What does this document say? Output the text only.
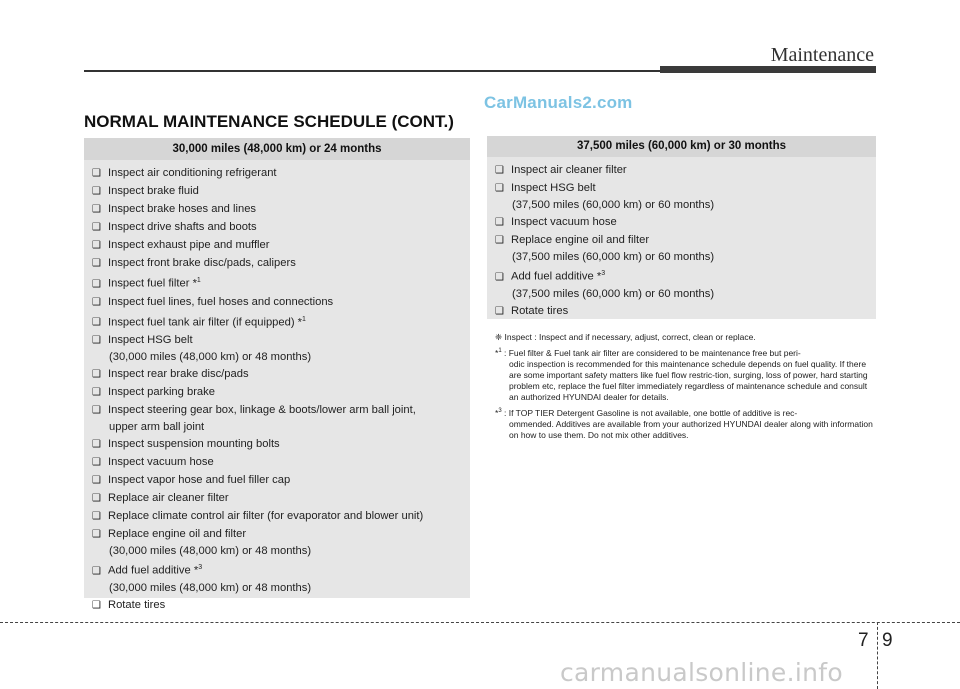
Maintenance
CarManuals2.com
NORMAL MAINTENANCE SCHEDULE (CONT.)
30,000 miles (48,000 km) or 24 months
❑ Inspect air conditioning refrigerant
❑ Inspect brake fluid
❑ Inspect brake hoses and lines
❑ Inspect drive shafts and boots
❑ Inspect exhaust pipe and muffler
❑ Inspect front brake disc/pads, calipers
❑ Inspect fuel filter *$^1$
❑ Inspect fuel lines, fuel hoses and connections
❑ Inspect fuel tank air filter (if equipped) *$^1$
❑ Inspect HSG belt
(30,000 miles (48,000 km) or 48 months)
❑ Inspect rear brake disc/pads
❑ Inspect parking brake
❑ Inspect steering gear box, linkage & boots/lower arm ball joint,
upper arm ball joint
❑ Inspect suspension mounting bolts
❑ Inspect vacuum hose
❑ Inspect vapor hose and fuel filler cap
❑ Replace air cleaner filter
❑ Replace climate control air filter (for evaporator and blower unit)
❑ Replace engine oil and filter
(30,000 miles (48,000 km) or 48 months)
❑ Add fuel additive *$^3$
(30,000 miles (48,000 km) or 48 months)
❑ Rotate tires
37,500 miles (60,000 km) or 30 months
❑ Inspect air cleaner filter
❑ Inspect HSG belt
(37,500 miles (60,000 km) or 60 months)
❑ Inspect vacuum hose
❑ Replace engine oil and filter
(37,500 miles (60,000 km) or 60 months)
❑ Add fuel additive *$^3$
(37,500 miles (60,000 km) or 60 months)
❑ Rotate tires
❈ Inspect : Inspect and if necessary, adjust, correct, clean or replace.
*$^1$ : Fuel filter & Fuel tank air filter are considered to be maintenance free but peri-
odic inspection is recommended for this maintenance schedule depends on fuel quality. If there are some important safety matters like fuel flow restric-tion, surging, loss of power, hard starting problem etc, replace the fuel filter immediately regardless of maintenance schedule and consult an authorized HYUNDAI dealer for details.
*$^3$ : If TOP TIER Detergent Gasoline is not available, one bottle of additive is rec-
ommended. Additives are available from your authorized HYUNDAI dealer along with information on how to use them. Do not mix other additives.
7 9
carmanualsonline.info
